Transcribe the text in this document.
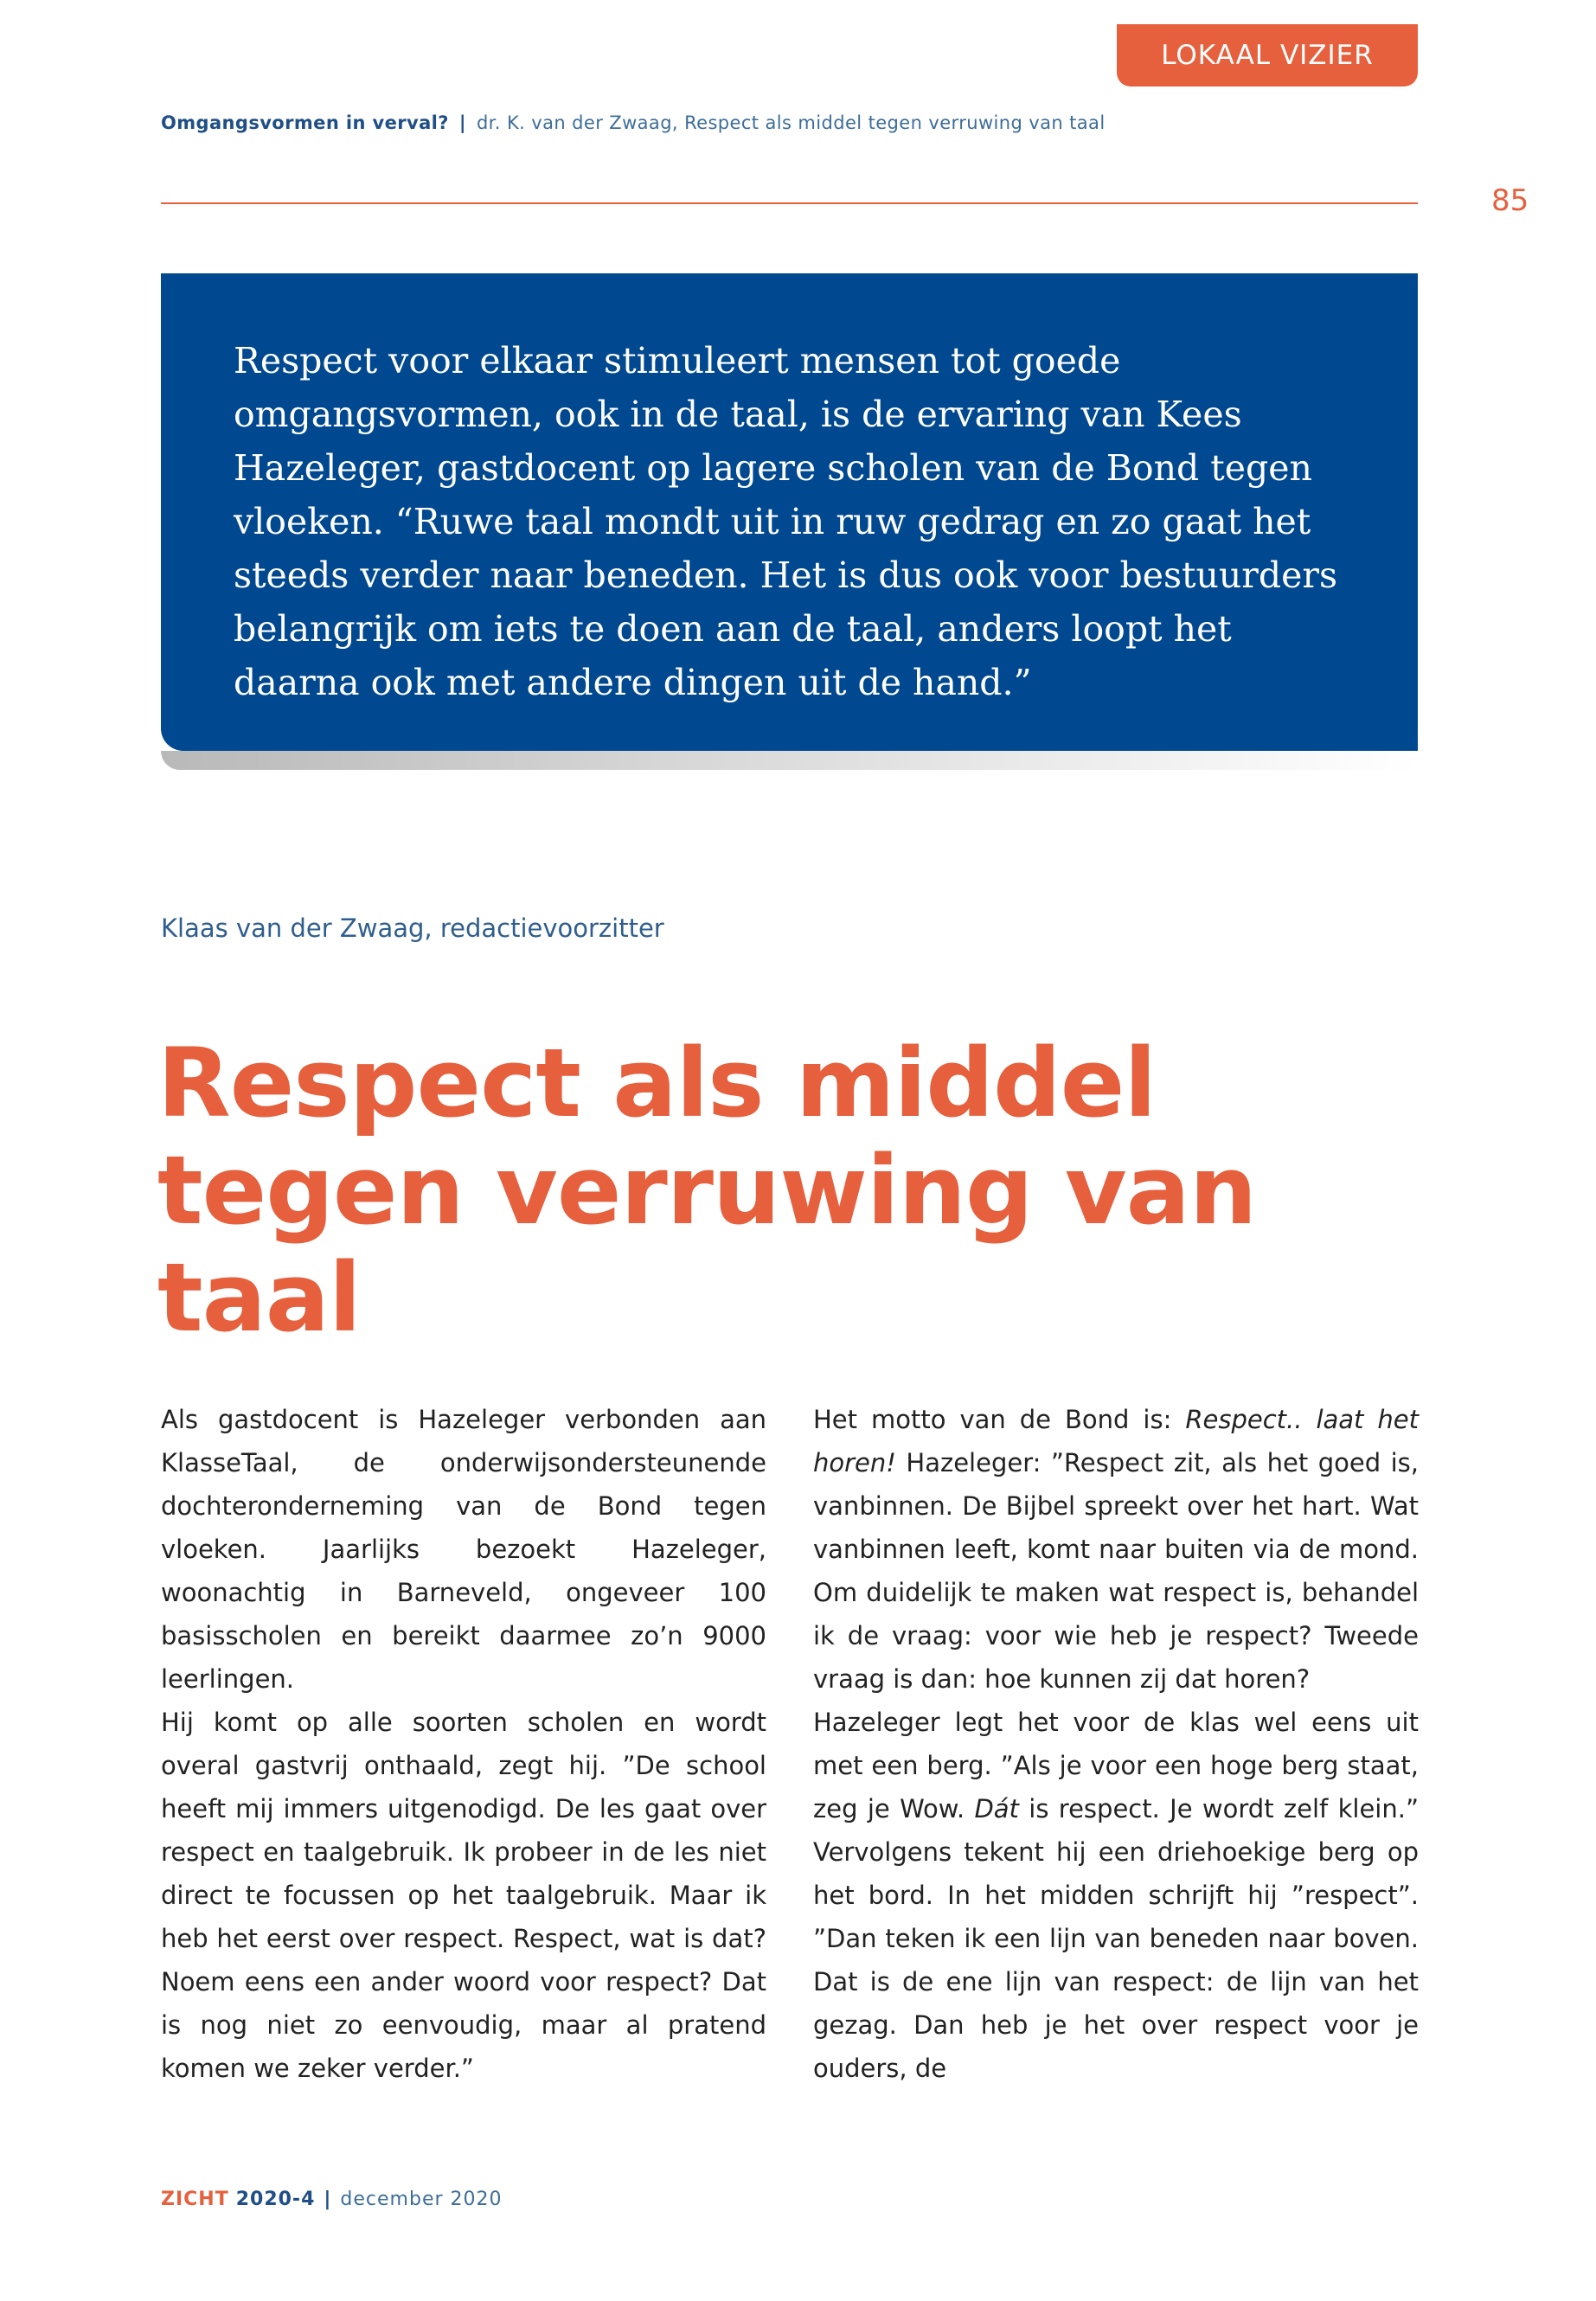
LOKAAL VIZIER
Omgangsvormen in verval? | dr. K. van der Zwaag, Respect als middel tegen verruwing van taal
85
Respect voor elkaar stimuleert mensen tot goede omgangsvormen, ook in de taal, is de ervaring van Kees Hazeleger, gastdocent op lagere scholen van de Bond tegen vloeken. “Ruwe taal mondt uit in ruw gedrag en zo gaat het steeds verder naar beneden. Het is dus ook voor bestuurders belangrijk om iets te doen aan de taal, anders loopt het daarna ook met andere dingen uit de hand.”
Klaas van der Zwaag, redactievoorzitter
Respect als middel tegen verruwing van taal

Als gastdocent is Hazeleger verbonden aan KlasseTaal, de onderwijsondersteunende dochteronderneming van de Bond tegen vloeken. Jaarlijks bezoekt Hazeleger, woonachtig in Barneveld, ongeveer 100 basisscholen en bereikt daarmee zo’n 9000 leerlingen.

Hij komt op alle soorten scholen en wordt overal gastvrij onthaald, zegt hij. ”De school heeft mij immers uitgenodigd. De les gaat over respect en taalgebruik. Ik probeer in de les niet direct te focussen op het taalgebruik. Maar ik heb het eerst over respect. Respect, wat is dat? Noem eens een ander woord voor respect? Dat is nog niet zo eenvoudig, maar al pratend komen we zeker verder.”

Het motto van de Bond is: Respect.. laat het horen! Hazeleger: ”Respect zit, als het goed is, vanbinnen. De Bijbel spreekt over het hart. Wat vanbinnen leeft, komt naar buiten via de mond. Om duidelijk te maken wat respect is, behandel ik de vraag: voor wie heb je respect? Tweede vraag is dan: hoe kunnen zij dat horen?

Hazeleger legt het voor de klas wel eens uit met een berg. ”Als je voor een hoge berg staat, zeg je Wow. Dát is respect. Je wordt zelf klein.” Vervolgens tekent hij een driehoekige berg op het bord. In het midden schrijft hij ”respect”. ”Dan teken ik een lijn van beneden naar boven. Dat is de ene lijn van respect: de lijn van het gezag. Dan heb je het over respect voor je ouders, de

ZICHT 2020-4 | december 2020
